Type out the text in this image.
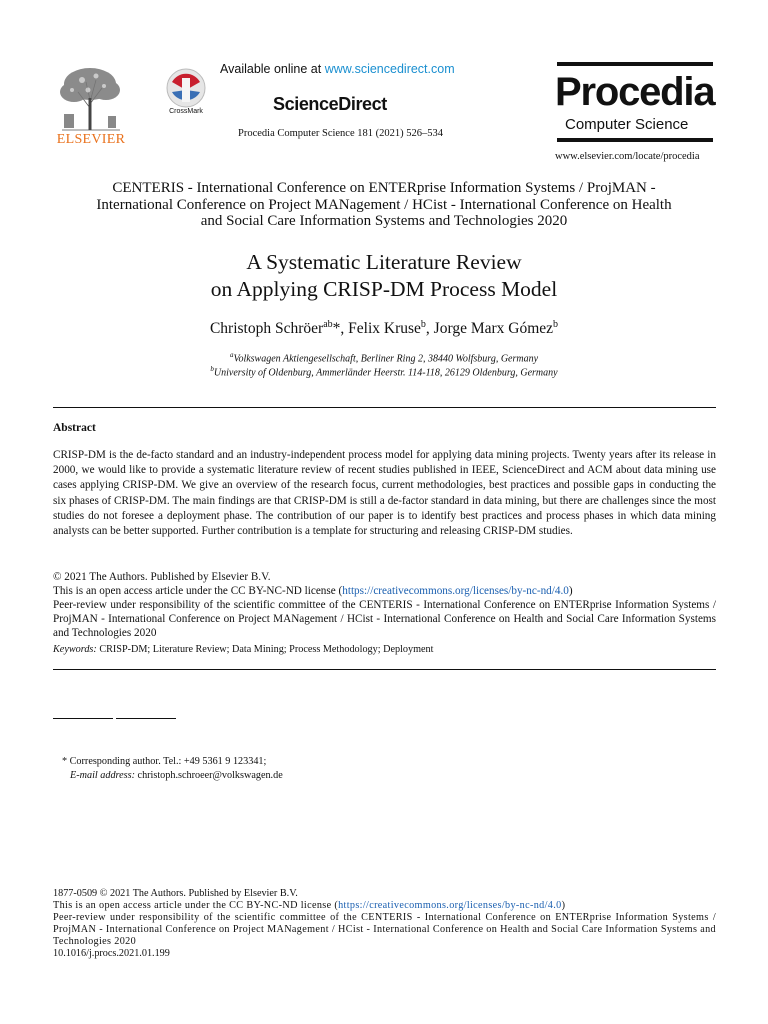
ELSEVIER
CrossMark
Available online at www.sciencedirect.com
ScienceDirect
Procedia Computer Science 181 (2021) 526–534
Procedia
Computer Science
www.elsevier.com/locate/procedia
CENTERIS - International Conference on ENTERprise Information Systems / ProjMAN -
International Conference on Project MANagement / HCist - International Conference on Health
and Social Care Information Systems and Technologies 2020
A Systematic Literature Review
on Applying CRISP-DM Process Model
Christoph Schröer$^{ab}$*, Felix Kruse$^b$, Jorge Marx Gómez$^b$
$^a$Volkswagen Aktiengesellschaft, Berliner Ring 2, 38440 Wolfsburg, Germany
$^b$University of Oldenburg, Ammerländer Heerstr. 114-118, 26129 Oldenburg, Germany
Abstract
CRISP-DM is the de-facto standard and an industry-independent process model for applying data mining projects. Twenty years after its release in 2000, we would like to provide a systematic literature review of recent studies published in IEEE, ScienceDirect and ACM about data mining use cases applying CRISP-DM. We give an overview of the research focus, current methodologies, best practices and possible gaps in conducting the six phases of CRISP-DM. The main findings are that CRISP-DM is still a de-factor standard in data mining, but there are challenges since the most studies do not foresee a deployment phase. The contribution of our paper is to identify best practices and process phases in which data mining analysts can be better supported. Further contribution is a template for structuring and releasing CRISP-DM studies.
© 2021 The Authors. Published by Elsevier B.V.
This is an open access article under the CC BY-NC-ND license (https://creativecommons.org/licenses/by-nc-nd/4.0)
Peer-review under responsibility of the scientific committee of the CENTERIS - International Conference on ENTERprise Information Systems / ProjMAN - International Conference on Project MANagement / HCist - International Conference on Health and Social Care Information Systems and Technologies 2020
Keywords: CRISP-DM; Literature Review; Data Mining; Process Methodology; Deployment
* Corresponding author. Tel.: +49 5361 9 123341;
E-mail address: christoph.schroeer@volkswagen.de
1877-0509 © 2021 The Authors. Published by Elsevier B.V.
This is an open access article under the CC BY-NC-ND license (https://creativecommons.org/licenses/by-nc-nd/4.0)
Peer-review under responsibility of the scientific committee of the CENTERIS - International Conference on ENTERprise Information Systems / ProjMAN - International Conference on Project MANagement / HCist - International Conference on Health and Social Care Information Systems and Technologies 2020
10.1016/j.procs.2021.01.199
